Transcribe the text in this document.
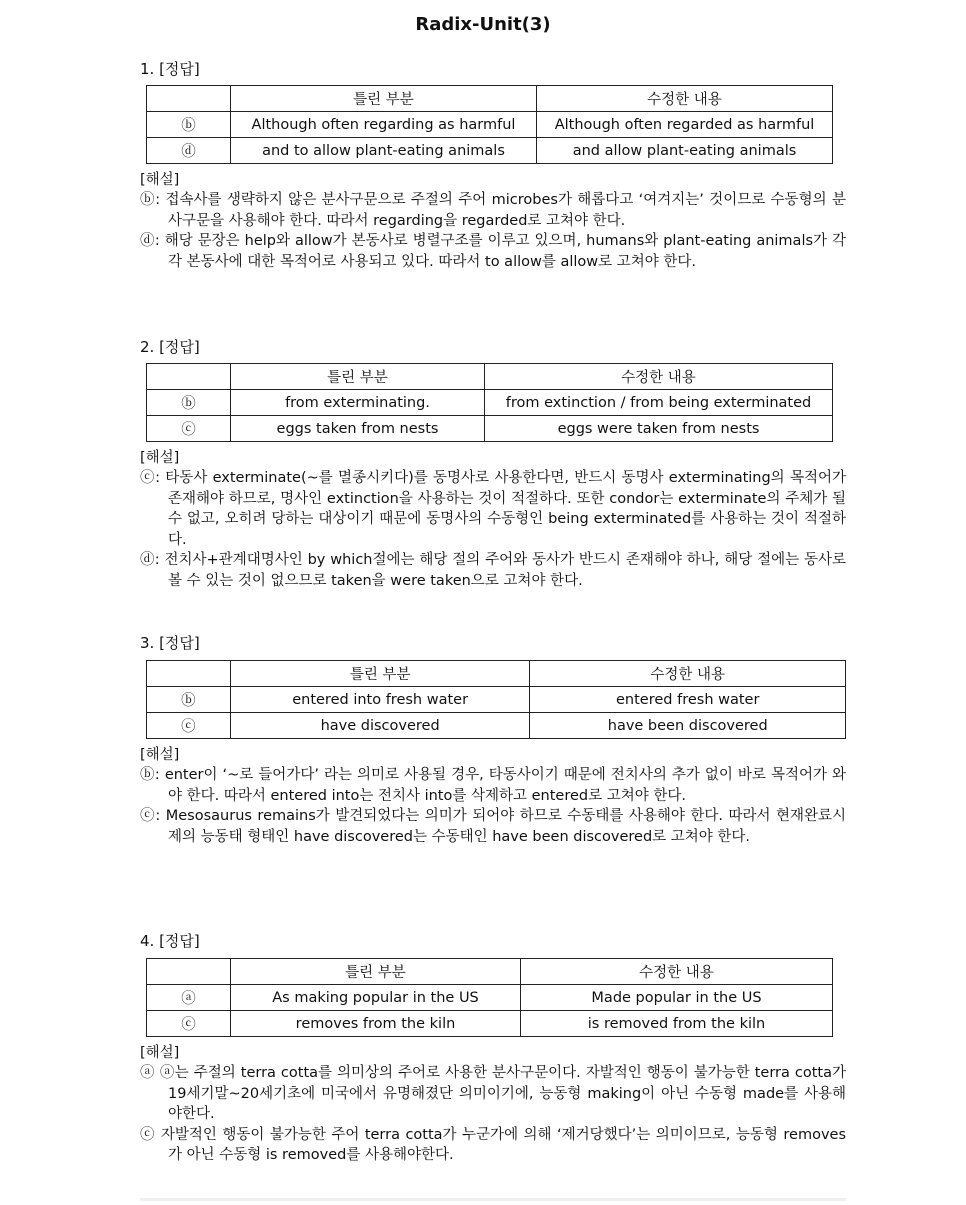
Radix-Unit(3)
1. [정답]
	틀린 부분	수정한 내용
ⓑ	Although often regarding as harmful	Although often regarded as harmful
ⓓ	and to allow plant-eating animals	and allow plant-eating animals
[해설]
ⓑ: 접속사를 생략하지 않은 분사구문으로 주절의 주어 microbes가 해롭다고 ‘여겨지는’ 것이므로 수동형의 분사구문을 사용해야 한다. 따라서 regarding을 regarded로 고쳐야 한다.
ⓓ: 해당 문장은 help와 allow가 본동사로 병렬구조를 이루고 있으며, humans와 plant-eating animals가 각각 본동사에 대한 목적어로 사용되고 있다. 따라서 to allow를 allow로 고쳐야 한다.
2. [정답]
	틀린 부분	수정한 내용
ⓑ	from exterminating.	from extinction / from being exterminated
ⓒ	eggs taken from nests	eggs were taken from nests
[해설]
ⓒ: 타동사 exterminate(~를 멸종시키다)를 동명사로 사용한다면, 반드시 동명사 exterminating의 목적어가 존재해야 하므로, 명사인 extinction을 사용하는 것이 적절하다. 또한 condor는 exterminate의 주체가 될 수 없고, 오히려 당하는 대상이기 때문에 동명사의 수동형인 being exterminated를 사용하는 것이 적절하다.
ⓓ: 전치사+관계대명사인 by which절에는 해당 절의 주어와 동사가 반드시 존재해야 하나, 해당 절에는 동사로 볼 수 있는 것이 없으므로 taken을 were taken으로 고쳐야 한다.
3. [정답]
	틀린 부분	수정한 내용
ⓑ	entered into fresh water	entered fresh water
ⓒ	have discovered	have been discovered
[해설]
ⓑ: enter이 ‘~로 들어가다’ 라는 의미로 사용될 경우, 타동사이기 때문에 전치사의 추가 없이 바로 목적어가 와야 한다. 따라서 entered into는 전치사 into를 삭제하고 entered로 고쳐야 한다.
ⓒ: Mesosaurus remains가 발견되었다는 의미가 되어야 하므로 수동태를 사용해야 한다. 따라서 현재완료시제의 능동태 형태인 have discovered는 수동태인 have been discovered로 고쳐야 한다.
4. [정답]
	틀린 부분	수정한 내용
ⓐ	As making popular in the US	Made popular in the US
ⓒ	removes from the kiln	is removed from the kiln
[해설]
ⓐ ⓐ는 주절의 terra cotta를 의미상의 주어로 사용한 분사구문이다. 자발적인 행동이 불가능한 terra cotta가 19세기말~20세기초에 미국에서 유명해졌단 의미이기에, 능동형 making이 아닌 수동형 made를 사용해야한다.
ⓒ 자발적인 행동이 불가능한 주어 terra cotta가 누군가에 의해 ‘제거당했다’는 의미이므로, 능동형 removes가 아닌 수동형 is removed를 사용해야한다.
